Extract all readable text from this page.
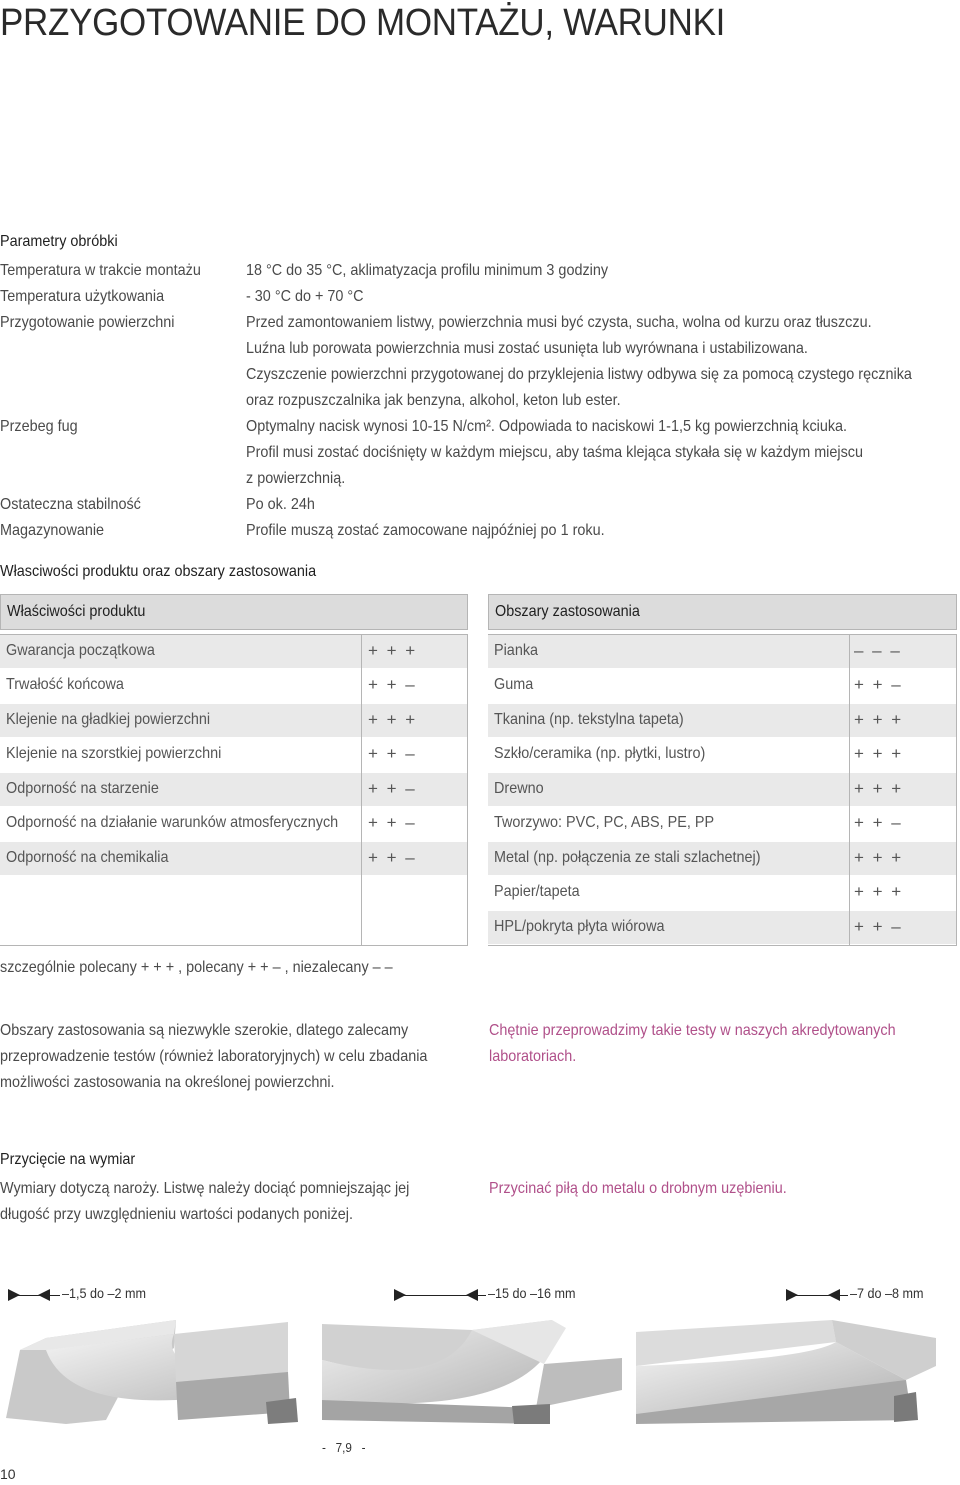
PRZYGOTOWANIE DO MONTAŻU, WARUNKI
Parametry obróbki
Temperatura w trakcie montażu	18 °C do 35 °C, aklimatyzacja profilu minimum 3 godziny
Temperatura użytkowania	- 30 °C do + 70 °C
Przygotowanie powierzchni	Przed zamontowaniem listwy, powierzchnia musi być czysta, sucha, wolna od kurzu oraz tłuszczu.
Luźna lub porowata powierzchnia musi zostać usunięta lub wyrównana i ustabilizowana.
Czyszczenie powierzchni przygotowanej do przyklejenia listwy odbywa się za pomocą czystego ręcznika
oraz rozpuszczalnika jak benzyna, alkohol, keton lub ester.
Przebeg fug	Optymalny nacisk wynosi 10-15 N/cm². Odpowiada to naciskowi 1-1,5 kg powierzchnią kciuka.
Profil musi zostać dociśnięty w każdym miejscu, aby taśma klejąca stykała się w każdym miejscu
z powierzchnią.
Ostateczna stabilność	Po ok. 24h
Magazynowanie	Profile muszą zostać zamocowane najpóźniej po 1 roku.
Własciwości produktu oraz obszary zastosowania
Właściwości produktu
Gwarancja początkowa	+ + +
Trwałość końcowa	+ + –
Klejenie na gładkiej powierzchni	+ + +
Klejenie na szorstkiej powierzchni	+ + –
Odporność na starzenie	+ + –
Odporność na działanie warunków atmosferycznych + + –
Odporność na chemikalia	+ + –
Obszary zastosowania
Pianka	– – –
Guma	+ + –
Tkanina (np. tekstylna tapeta)	+ + +
Szkło/ceramika (np. płytki, lustro)	+ + +
Drewno	+ + +
Tworzywo: PVC, PC, ABS, PE, PP	+ + –
Metal (np. połączenia ze stali szlachetnej)	+ + +
Papier/tapeta	+ + +
HPL/pokryta płyta wiórowa	+ + –
szczególnie polecany + + + , polecany + + – , niezalecany – –
Obszary zastosowania są niezwykle szerokie, dlatego zalecamy
przeprowadzenie testów (również laboratoryjnych) w celu zbadania
możliwości zastosowania na określonej powierzchni.
Chętnie przeprowadzimy takie testy w naszych akredytowanych
laboratoriach.
Przycięcie na wymiar
Wymiary dotyczą naroży. Listwę należy dociąć pomniejszając jej
długość przy uwzględnieniu wartości podanych poniżej.
Przycinać piłą do metalu o drobnym uzębieniu.
–1,5 do –2 mm	–15 do –16 mm	–7 do –8 mm
-   7,9   -
10
